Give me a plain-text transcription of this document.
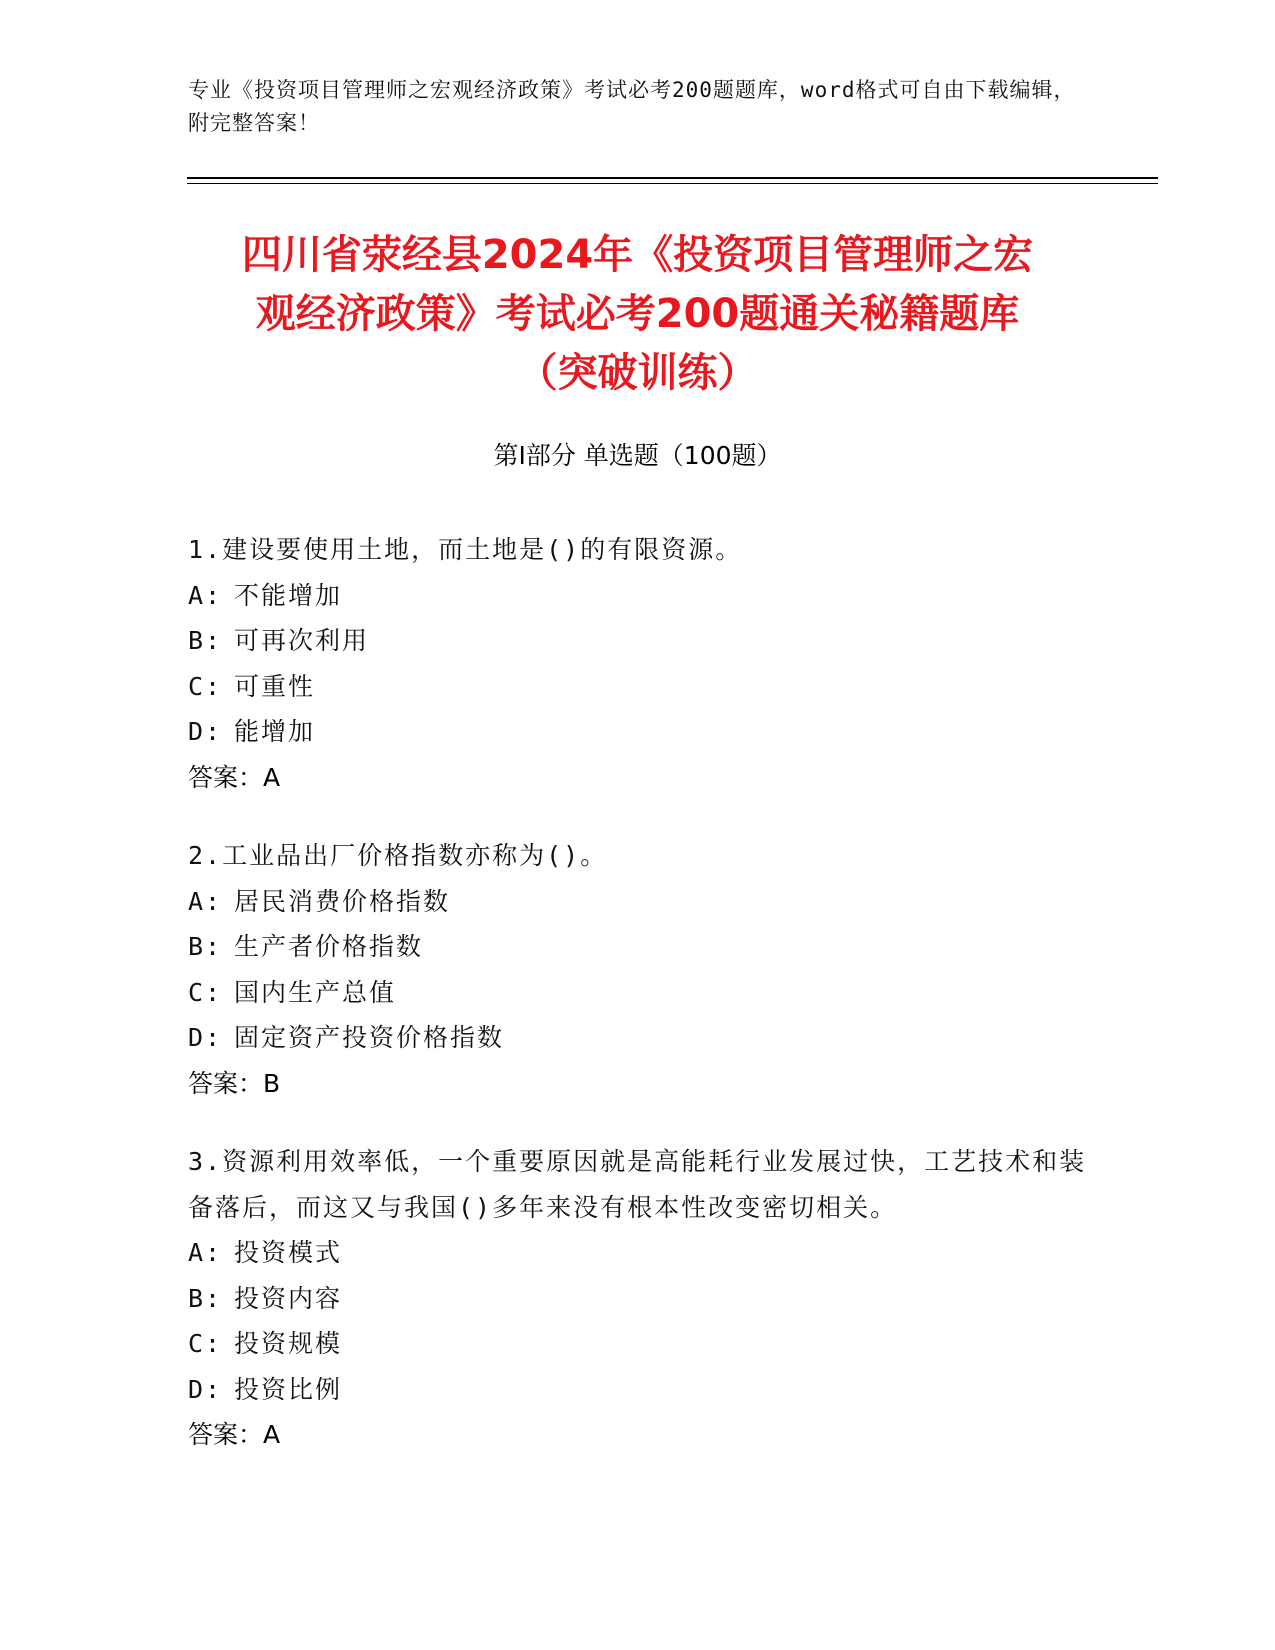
专业《投资项目管理师之宏观经济政策》考试必考200题题库，word格式可自由下载编辑，附完整答案！
四川省荥经县2024年《投资项目管理师之宏
观经济政策》考试必考200题通关秘籍题库
（突破训练）
第Ⅰ部分 单选题（100题）
1.建设要使用土地，而土地是()的有限资源。
A: 不能增加
B: 可再次利用
C: 可重性
D: 能增加
答案：A
2.工业品出厂价格指数亦称为()。
A: 居民消费价格指数
B: 生产者价格指数
C: 国内生产总值
D: 固定资产投资价格指数
答案：B
3.资源利用效率低，一个重要原因就是高能耗行业发展过快，工艺技术和装备落后，而这又与我国()多年来没有根本性改变密切相关。
A: 投资模式
B: 投资内容
C: 投资规模
D: 投资比例
答案：A
